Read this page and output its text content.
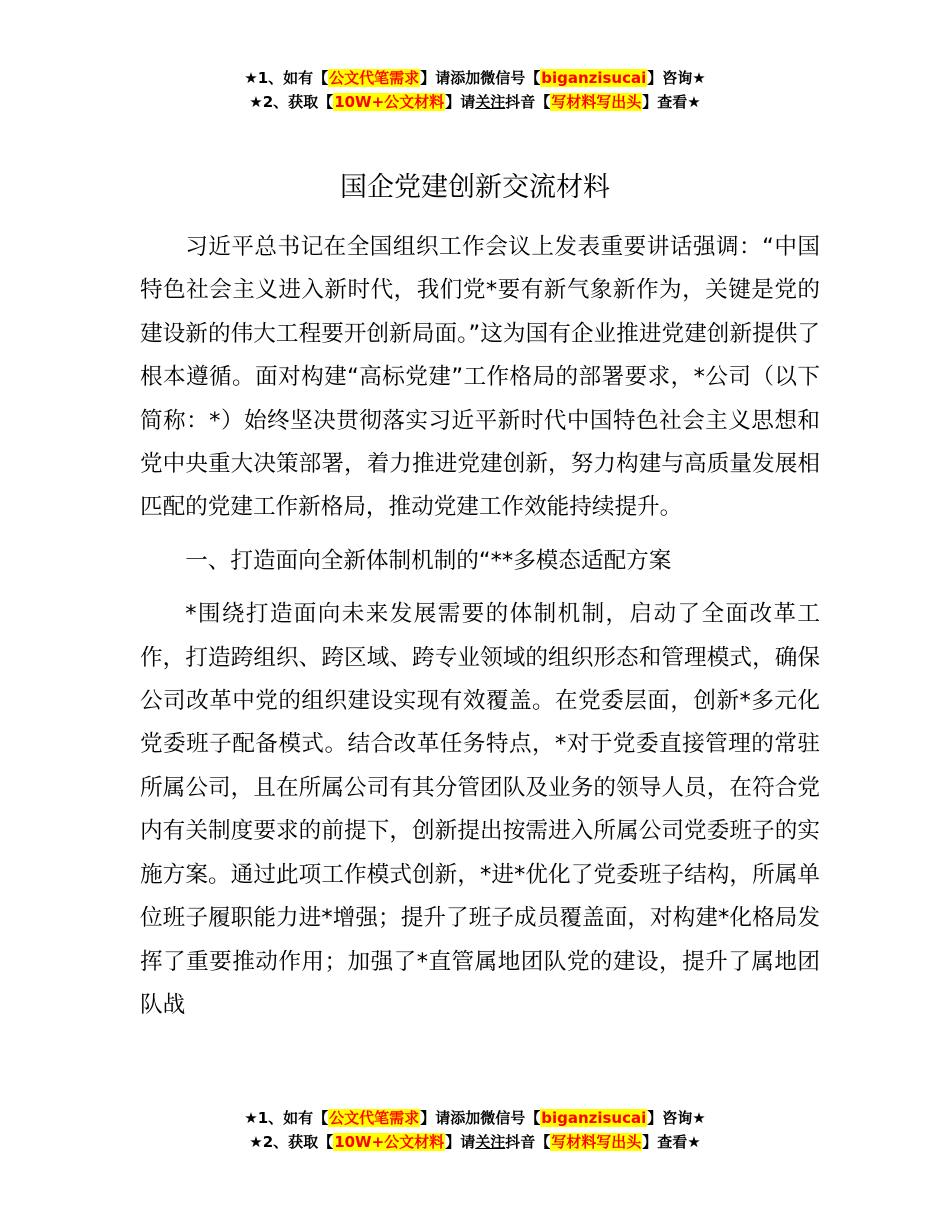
★1、如有【公文代笔需求】请添加微信号【biganzisucai】咨询★
★2、获取【10W+公文材料】请关注抖音【写材料写出头】查看★
国企党建创新交流材料

习近平总书记在全国组织工作会议上发表重要讲话强调：“中国特色社会主义进入新时代，我们党*要有新气象新作为，关键是党的建设新的伟大工程要开创新局面。”这为国有企业推进党建创新提供了根本遵循。面对构建“高标党建”工作格局的部署要求，*公司（以下简称：*）始终坚决贯彻落实习近平新时代中国特色社会主义思想和党中央重大决策部署，着力推进党建创新，努力构建与高质量发展相匹配的党建工作新格局，推动党建工作效能持续提升。

一、打造面向全新体制机制的“**多模态适配方案

*围绕打造面向未来发展需要的体制机制，启动了全面改革工作，打造跨组织、跨区域、跨专业领域的组织形态和管理模式，确保公司改革中党的组织建设实现有效覆盖。在党委层面，创新*多元化党委班子配备模式。结合改革任务特点，*对于党委直接管理的常驻所属公司，且在所属公司有其分管团队及业务的领导人员，在符合党内有关制度要求的前提下，创新提出按需进入所属公司党委班子的实施方案。通过此项工作模式创新，*进*优化了党委班子结构，所属单位班子履职能力进*增强；提升了班子成员覆盖面，对构建*化格局发挥了重要推动作用；加强了*直管属地团队党的建设，提升了属地团队战

★1、如有【公文代笔需求】请添加微信号【biganzisucai】咨询★
★2、获取【10W+公文材料】请关注抖音【写材料写出头】查看★
